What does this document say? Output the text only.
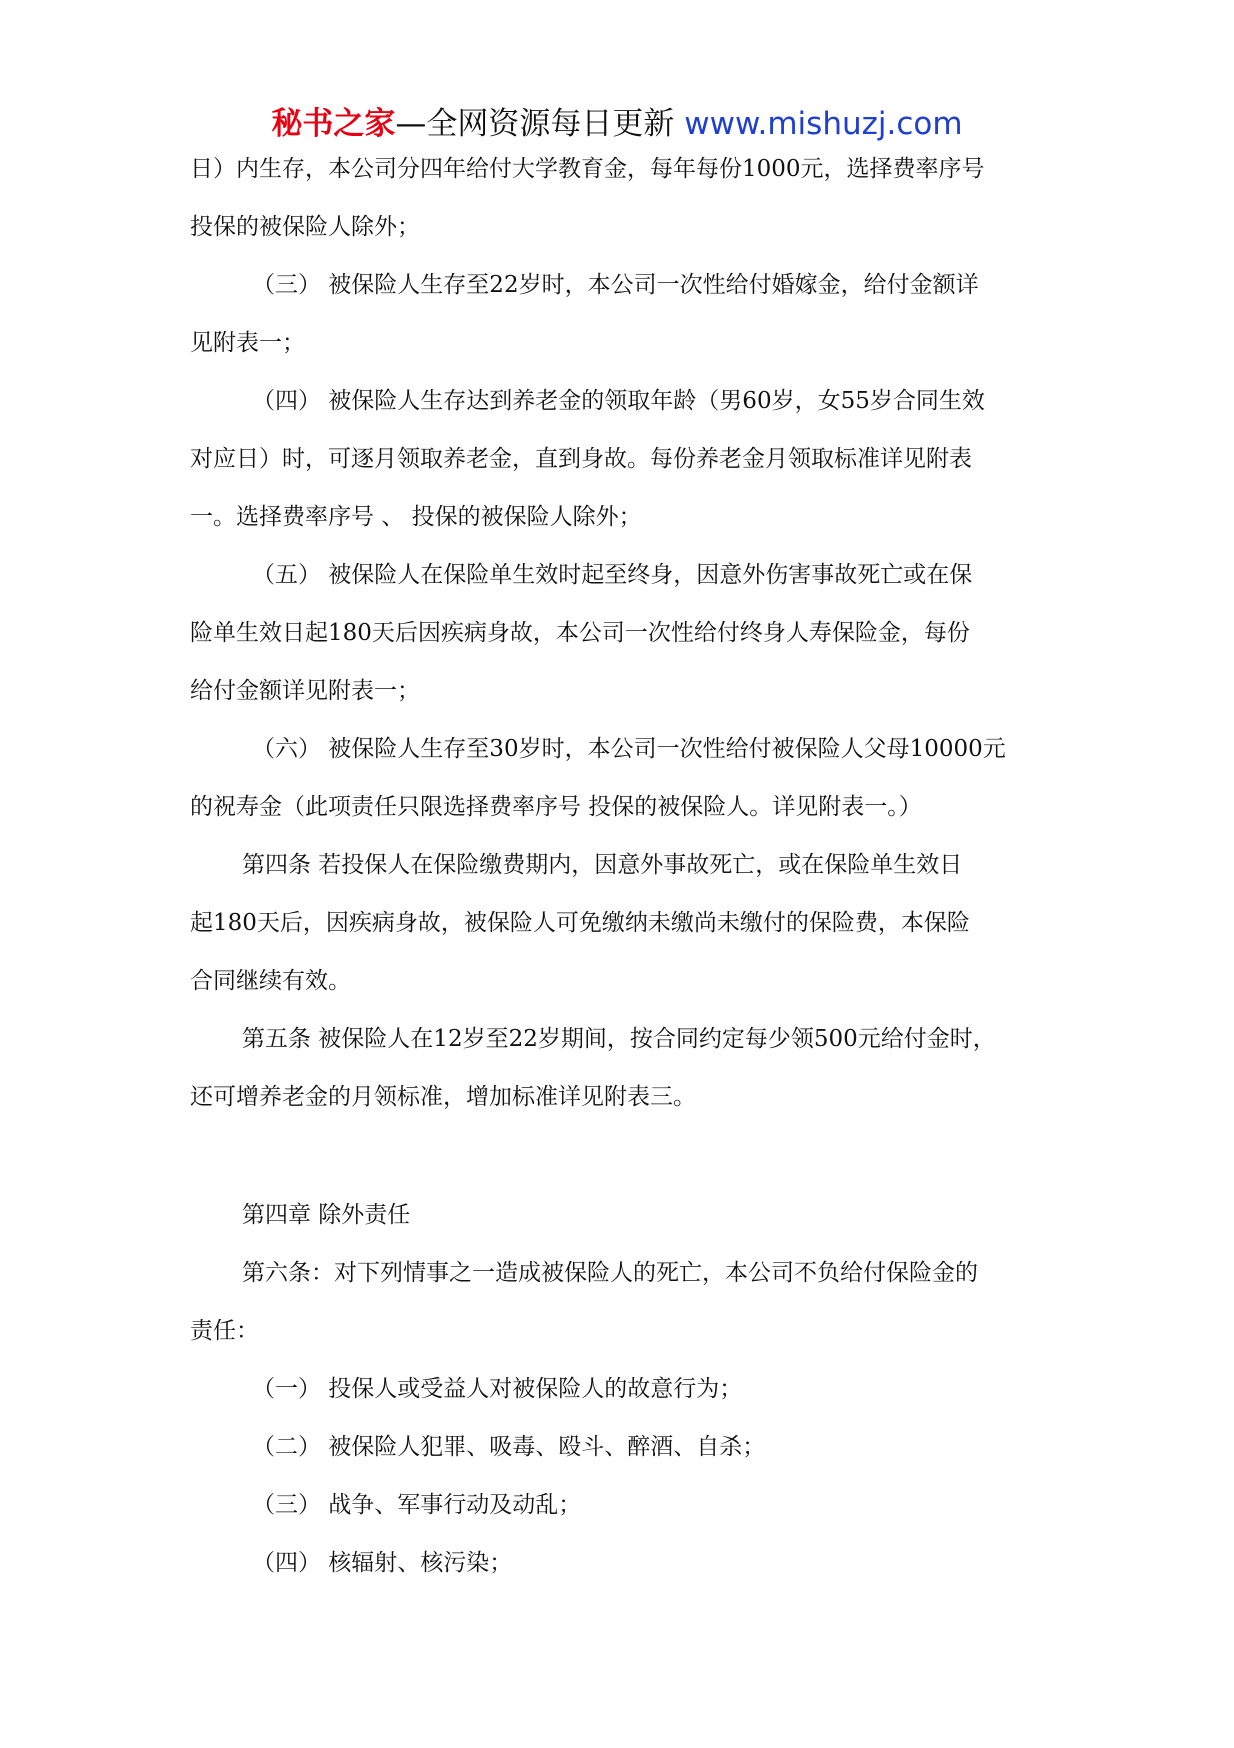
秘书之家—全网资源每日更新 www.mishuzj.com

日）内生存，本公司分四年给付大学教育金，每年每份1000元，选择费率序号

投保的被保险人除外；

（三） 被保险人生存至22岁时，本公司一次性给付婚嫁金，给付金额详

见附表一；

（四） 被保险人生存达到养老金的领取年龄（男60岁，女55岁合同生效

对应日）时，可逐月领取养老金，直到身故。每份养老金月领取标准详见附表

一。选择费率序号 、 投保的被保险人除外；

（五） 被保险人在保险单生效时起至终身，因意外伤害事故死亡或在保

险单生效日起180天后因疾病身故，本公司一次性给付终身人寿保险金，每份

给付金额详见附表一；

（六） 被保险人生存至30岁时，本公司一次性给付被保险人父母10000元

的祝寿金（此项责任只限选择费率序号 投保的被保险人。详见附表一。）

第四条 若投保人在保险缴费期内，因意外事故死亡，或在保险单生效日

起180天后，因疾病身故，被保险人可免缴纳未缴尚未缴付的保险费，本保险

合同继续有效。

第五条 被保险人在12岁至22岁期间，按合同约定每少领500元给付金时，

还可增养老金的月领标准，增加标准详见附表三。

第四章 除外责任

第六条：对下列情事之一造成被保险人的死亡，本公司不负给付保险金的

责任：

（一） 投保人或受益人对被保险人的故意行为；

（二） 被保险人犯罪、吸毒、殴斗、醉酒、自杀；

（三） 战争、军事行动及动乱；

（四） 核辐射、核污染；
